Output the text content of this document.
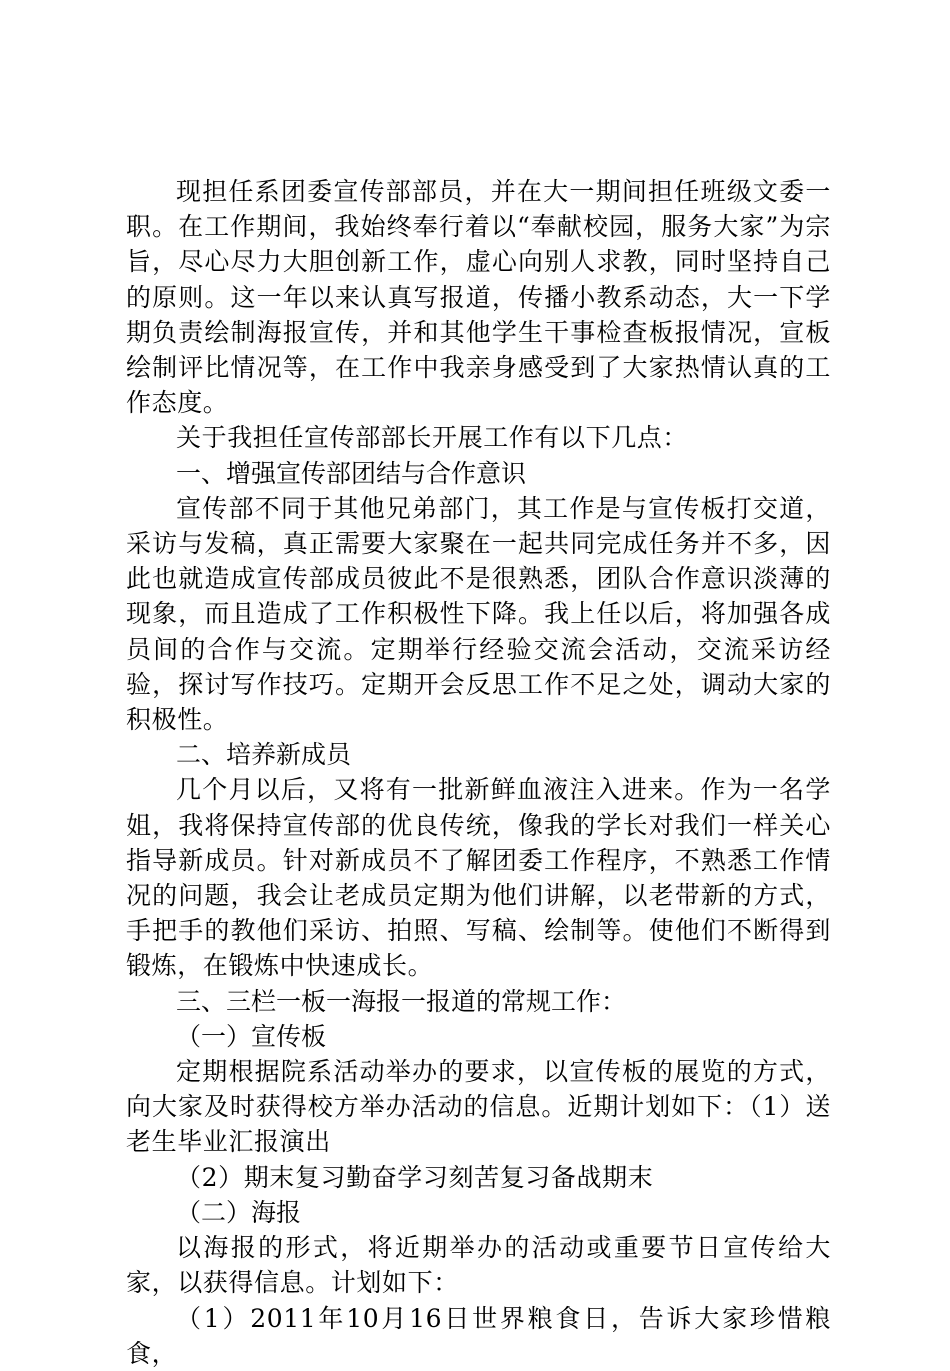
现担任系团委宣传部部员，并在大一期间担任班级文委一职。在工作期间，我始终奉行着以“奉献校园，服务大家”为宗旨，尽心尽力大胆创新工作，虚心向别人求教，同时坚持自己的原则。这一年以来认真写报道，传播小教系动态，大一下学期负责绘制海报宣传，并和其他学生干事检查板报情况，宣板绘制评比情况等，在工作中我亲身感受到了大家热情认真的工作态度。

关于我担任宣传部部长开展工作有以下几点：

一、增强宣传部团结与合作意识

宣传部不同于其他兄弟部门，其工作是与宣传板打交道，采访与发稿，真正需要大家聚在一起共同完成任务并不多，因此也就造成宣传部成员彼此不是很熟悉，团队合作意识淡薄的现象，而且造成了工作积极性下降。我上任以后，将加强各成员间的合作与交流。定期举行经验交流会活动，交流采访经验，探讨写作技巧。定期开会反思工作不足之处，调动大家的积极性。

二、培养新成员

几个月以后，又将有一批新鲜血液注入进来。作为一名学姐，我将保持宣传部的优良传统，像我的学长对我们一样关心指导新成员。针对新成员不了解团委工作程序，不熟悉工作情况的问题，我会让老成员定期为他们讲解，以老带新的方式，手把手的教他们采访、拍照、写稿、绘制等。使他们不断得到锻炼，在锻炼中快速成长。

三、三栏一板一海报一报道的常规工作：

（一）宣传板

定期根据院系活动举办的要求，以宣传板的展览的方式，向大家及时获得校方举办活动的信息。近期计划如下：（1）送老生毕业汇报演出

（2）期末复习勤奋学习刻苦复习备战期末

（二）海报

以海报的形式，将近期举办的活动或重要节日宣传给大家，以获得信息。计划如下：

（1）2011年10月16日世界粮食日，告诉大家珍惜粮食，
